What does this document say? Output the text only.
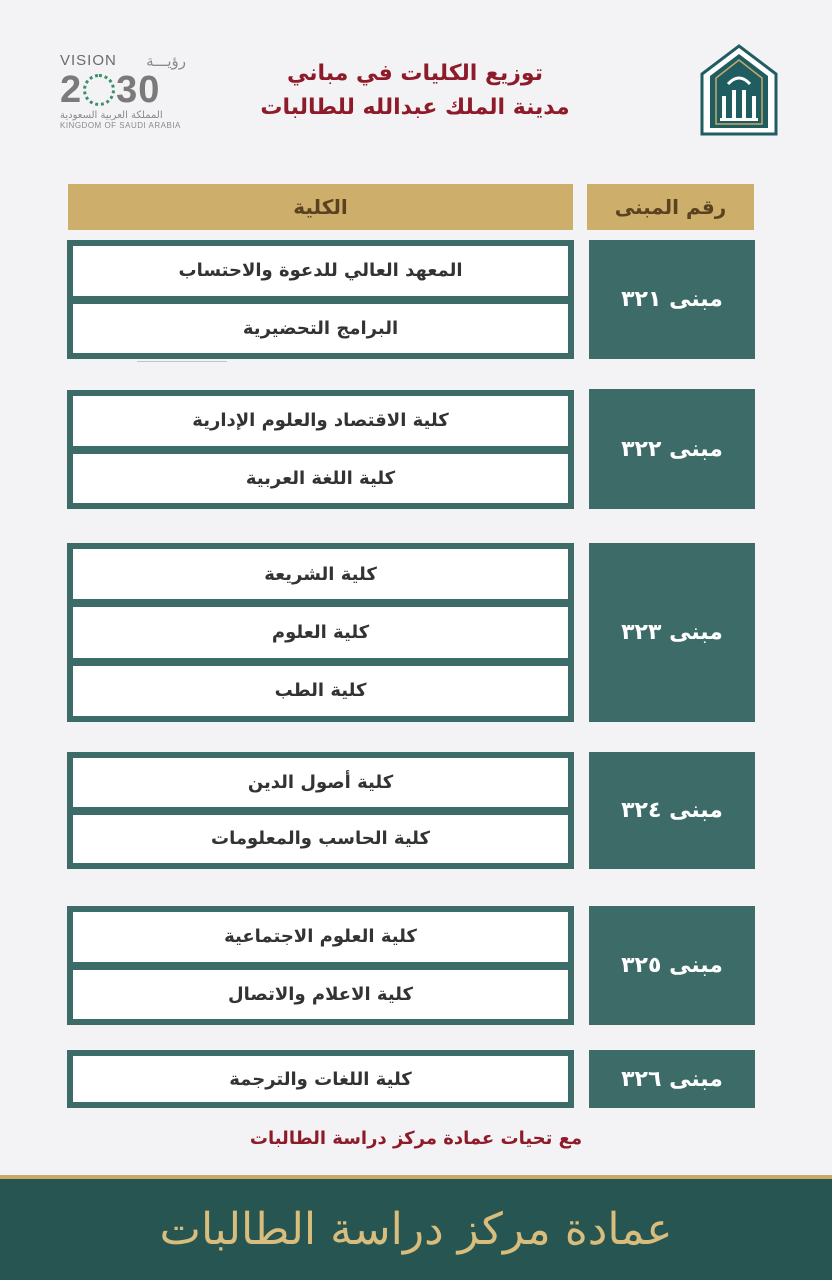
توزيع الكليات في مباني
مدينة الملك عبدالله للطالبات
VISION رؤيـــة
2 30
المملكة العربية السعودية
KINGDOM OF SAUDI ARABIA
الكلية	رقم المبنى
المعهد العالي للدعوة والاحتساب
البرامج التحضيرية
مبنى ٣٢١
كلية الاقتصاد والعلوم الإدارية
كلية اللغة العربية
مبنى ٣٢٢
كلية الشريعة
كلية العلوم
كلية الطب
مبنى ٣٢٣
كلية أصول الدين
كلية الحاسب والمعلومات
مبنى ٣٢٤
كلية العلوم الاجتماعية
كلية الاعلام والاتصال
مبنى ٣٢٥
كلية اللغات والترجمة	مبنى ٣٢٦
مع تحيات عمادة مركز دراسة الطالبات
عمادة مركز دراسة الطالبات
